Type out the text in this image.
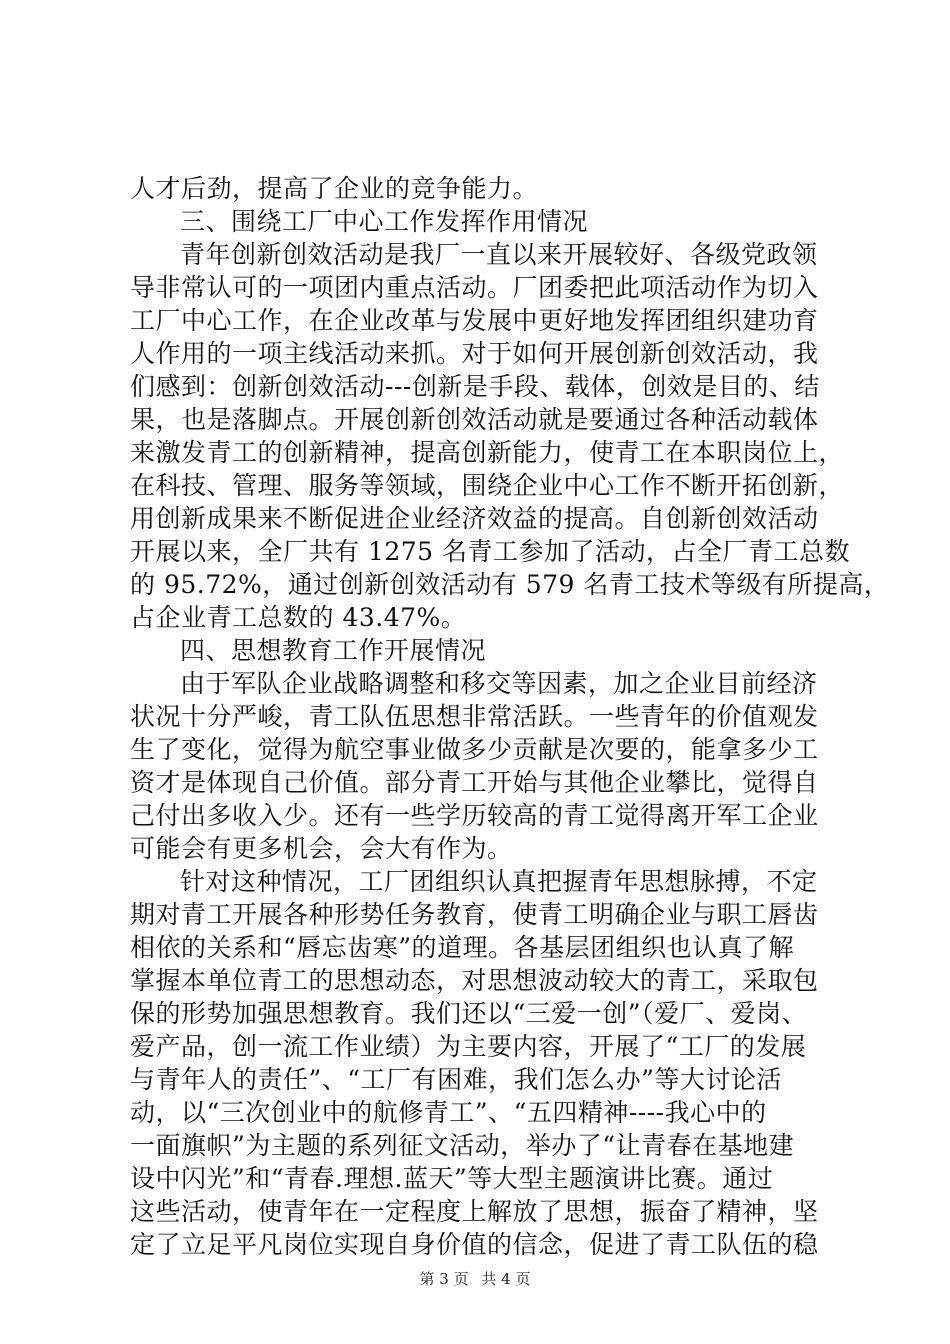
人才后劲，提高了企业的竞争能力。
三、围绕工厂中心工作发挥作用情况
青年创新创效活动是我厂一直以来开展较好、各级党政领
导非常认可的一项团内重点活动。厂团委把此项活动作为切入
工厂中心工作，在企业改革与发展中更好地发挥团组织建功育
人作用的一项主线活动来抓。对于如何开展创新创效活动，我
们感到：创新创效活动---创新是手段、载体，创效是目的、结
果，也是落脚点。开展创新创效活动就是要通过各种活动载体
来激发青工的创新精神，提高创新能力，使青工在本职岗位上，
在科技、管理、服务等领域，围绕企业中心工作不断开拓创新，
用创新成果来不断促进企业经济效益的提高。自创新创效活动
开展以来，全厂共有 1275 名青工参加了活动，占全厂青工总数
的 95.72%，通过创新创效活动有 579 名青工技术等级有所提高，
占企业青工总数的 43.47%。
四、思想教育工作开展情况
由于军队企业战略调整和移交等因素，加之企业目前经济
状况十分严峻，青工队伍思想非常活跃。一些青年的价值观发
生了变化，觉得为航空事业做多少贡献是次要的，能拿多少工
资才是体现自己价值。部分青工开始与其他企业攀比，觉得自
己付出多收入少。还有一些学历较高的青工觉得离开军工企业
可能会有更多机会，会大有作为。
针对这种情况，工厂团组织认真把握青年思想脉搏，不定
期对青工开展各种形势任务教育，使青工明确企业与职工唇齿
相依的关系和“唇忘齿寒”的道理。各基层团组织也认真了解
掌握本单位青工的思想动态，对思想波动较大的青工，采取包
保的形势加强思想教育。我们还以“三爱一创”（爱厂、爱岗、
爱产品，创一流工作业绩）为主要内容，开展了“工厂的发展
与青年人的责任”、“工厂有困难，我们怎么办”等大讨论活
动，以“三次创业中的航修青工”、“五四精神----我心中的
一面旗帜”为主题的系列征文活动，举办了“让青春在基地建
设中闪光”和“青春.理想.蓝天”等大型主题演讲比赛。通过
这些活动，使青年在一定程度上解放了思想，振奋了精神，坚
定了立足平凡岗位实现自身价值的信念，促进了青工队伍的稳
第 3 页 共 4 页
